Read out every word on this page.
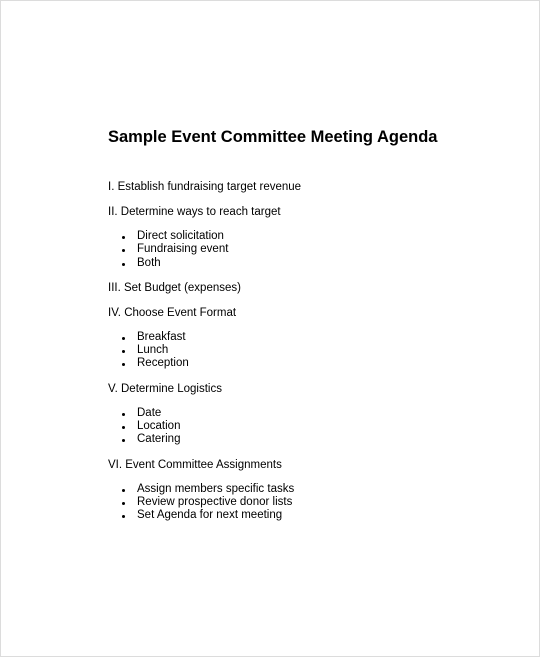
Sample Event Committee Meeting Agenda
I. Establish fundraising target revenue
II. Determine ways to reach target
Direct solicitation
Fundraising event
Both
III. Set Budget (expenses)
IV. Choose Event Format
Breakfast
Lunch
Reception
V. Determine Logistics
Date
Location
Catering
VI. Event Committee Assignments
Assign members specific tasks
Review prospective donor lists
Set Agenda for next meeting
